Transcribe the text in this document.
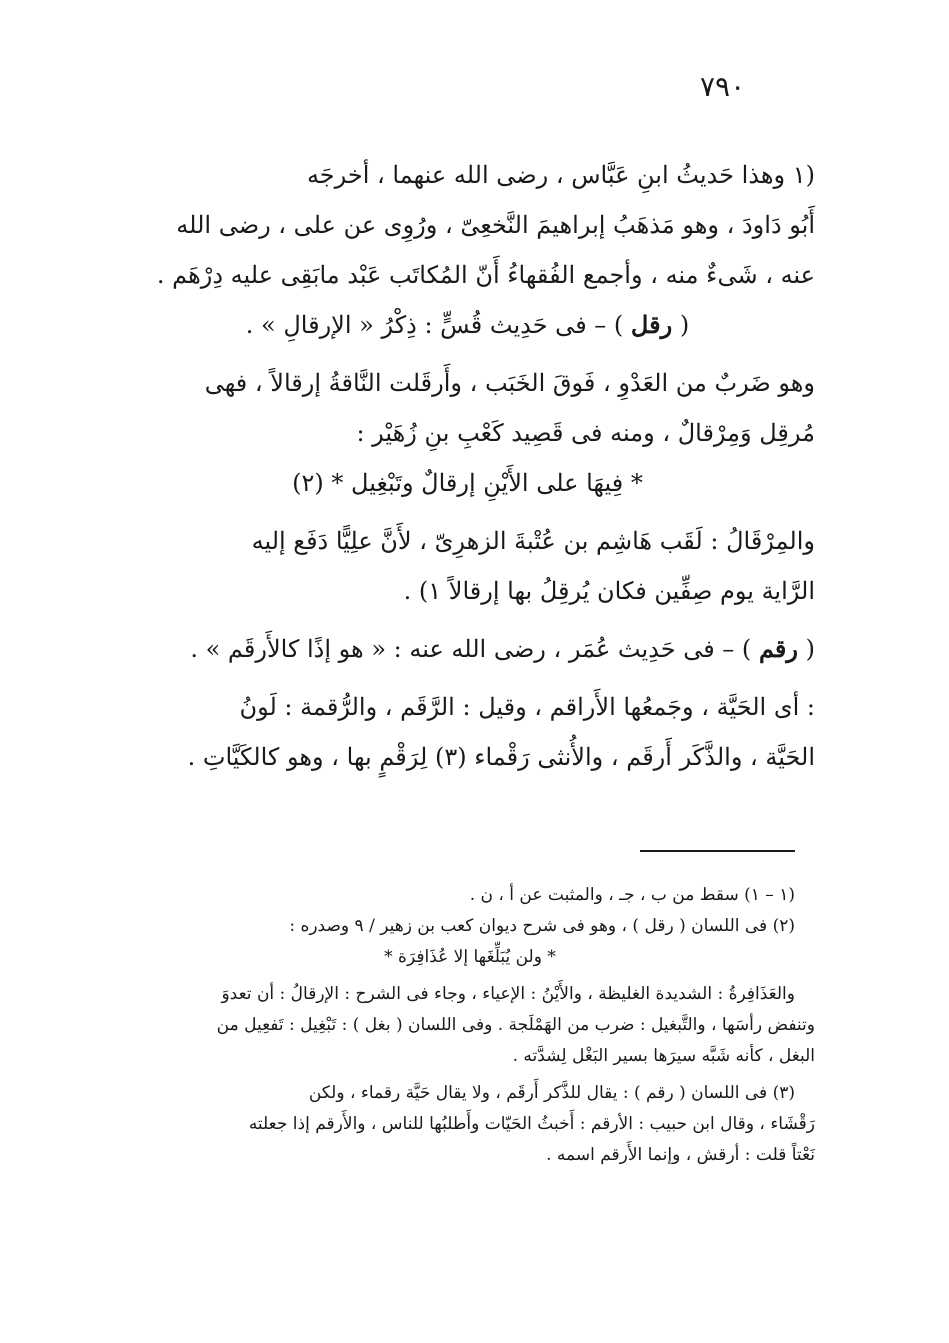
٧٩٠

(١ وهذا حَديثُ ابنِ عَبَّاس ، رضى الله عنهما ، أخرجَه

أَبُو دَاودَ ، وهو مَذهَبُ إبراهيمَ النَّخعِىّ ، ورُوِى عن على ، رضى الله

عنه ، شَىءٌ منه ، وأجمع الفُقهاءُ أَنّ المُكاتَب عَبْد مابَقِى عليه دِرْهَم .

( رقل ) – فى حَدِيث قُسٍّ : ذِكْرُ « الإرقالِ » .

وهو ضَربٌ من العَدْوِ ، فَوقَ الخَبَب ، وأَرقَلت النَّاقةُ إرقالاً ، فهى

مُرقِل وَمِرْقالٌ ، ومنه فى قَصِيد كَعْبِ بنِ زُهَيْر :

* فِيهَا على الأَيْنِ إرقالٌ وتَبْغِيل * (٢)

والمِرْقَالُ : لَقَب هَاشِم بن عُتْبةَ الزهرِىّ ، لأَنَّ علِيًّا دَفَع إليه

الرَّاية يوم صِفِّين فكان يُرقِلُ بها إرقالاً ١) .

( رقم ) – فى حَدِيث عُمَر ، رضى الله عنه : « هو إذًا كالأَرقَم » .

: أى الحَيَّة ، وجَمعُها الأَراقم ، وقيل : الرَّقَم ، والرُّقمة : لَونُ

الحَيَّة ، والذَّكَر أَرقَم ، والأُنثى رَقْماء (٣) لِرَقْمٍ بها ، وهو كالكَيَّاتِ .

(١ – ١) سقط من ب ، جـ ، والمثبت عن أ ، ن .

(٢) فى اللسان ( رقل ) ، وهو فى شرح ديوان كعب بن زهير / ٩ وصدره :

* ولن يُبَلِّغَها إلا عُذَافِرَة *

والعَذَافِرةُ : الشديدة الغليظة ، والأَيْنُ : الإعياء ، وجاء فى الشرح : الإرقالُ : أن تعدوَ

وتنفض رأسَها ، والتَّبغيل : ضرب من الهَمْلَجة . وفى اللسان ( بغل ) : تَبْغِيل : تَفعِيل من

البغل ، كأنه شَبَّه سيرَها بسير البَغْل لِشدَّته .

(٣) فى اللسان ( رقم ) : يقال للذَّكر أَرقَم ، ولا يقال حَيَّة رقماء ، ولكن

رَقْشَاء ، وقال ابن حبيب : الأرقم : أَخبثُ الحَيّات وأَطلبُها للناس ، والأَرقم إذا جعلته

نَعْتاً قلت : أرقش ، وإنما الأَرقم اسمه .
